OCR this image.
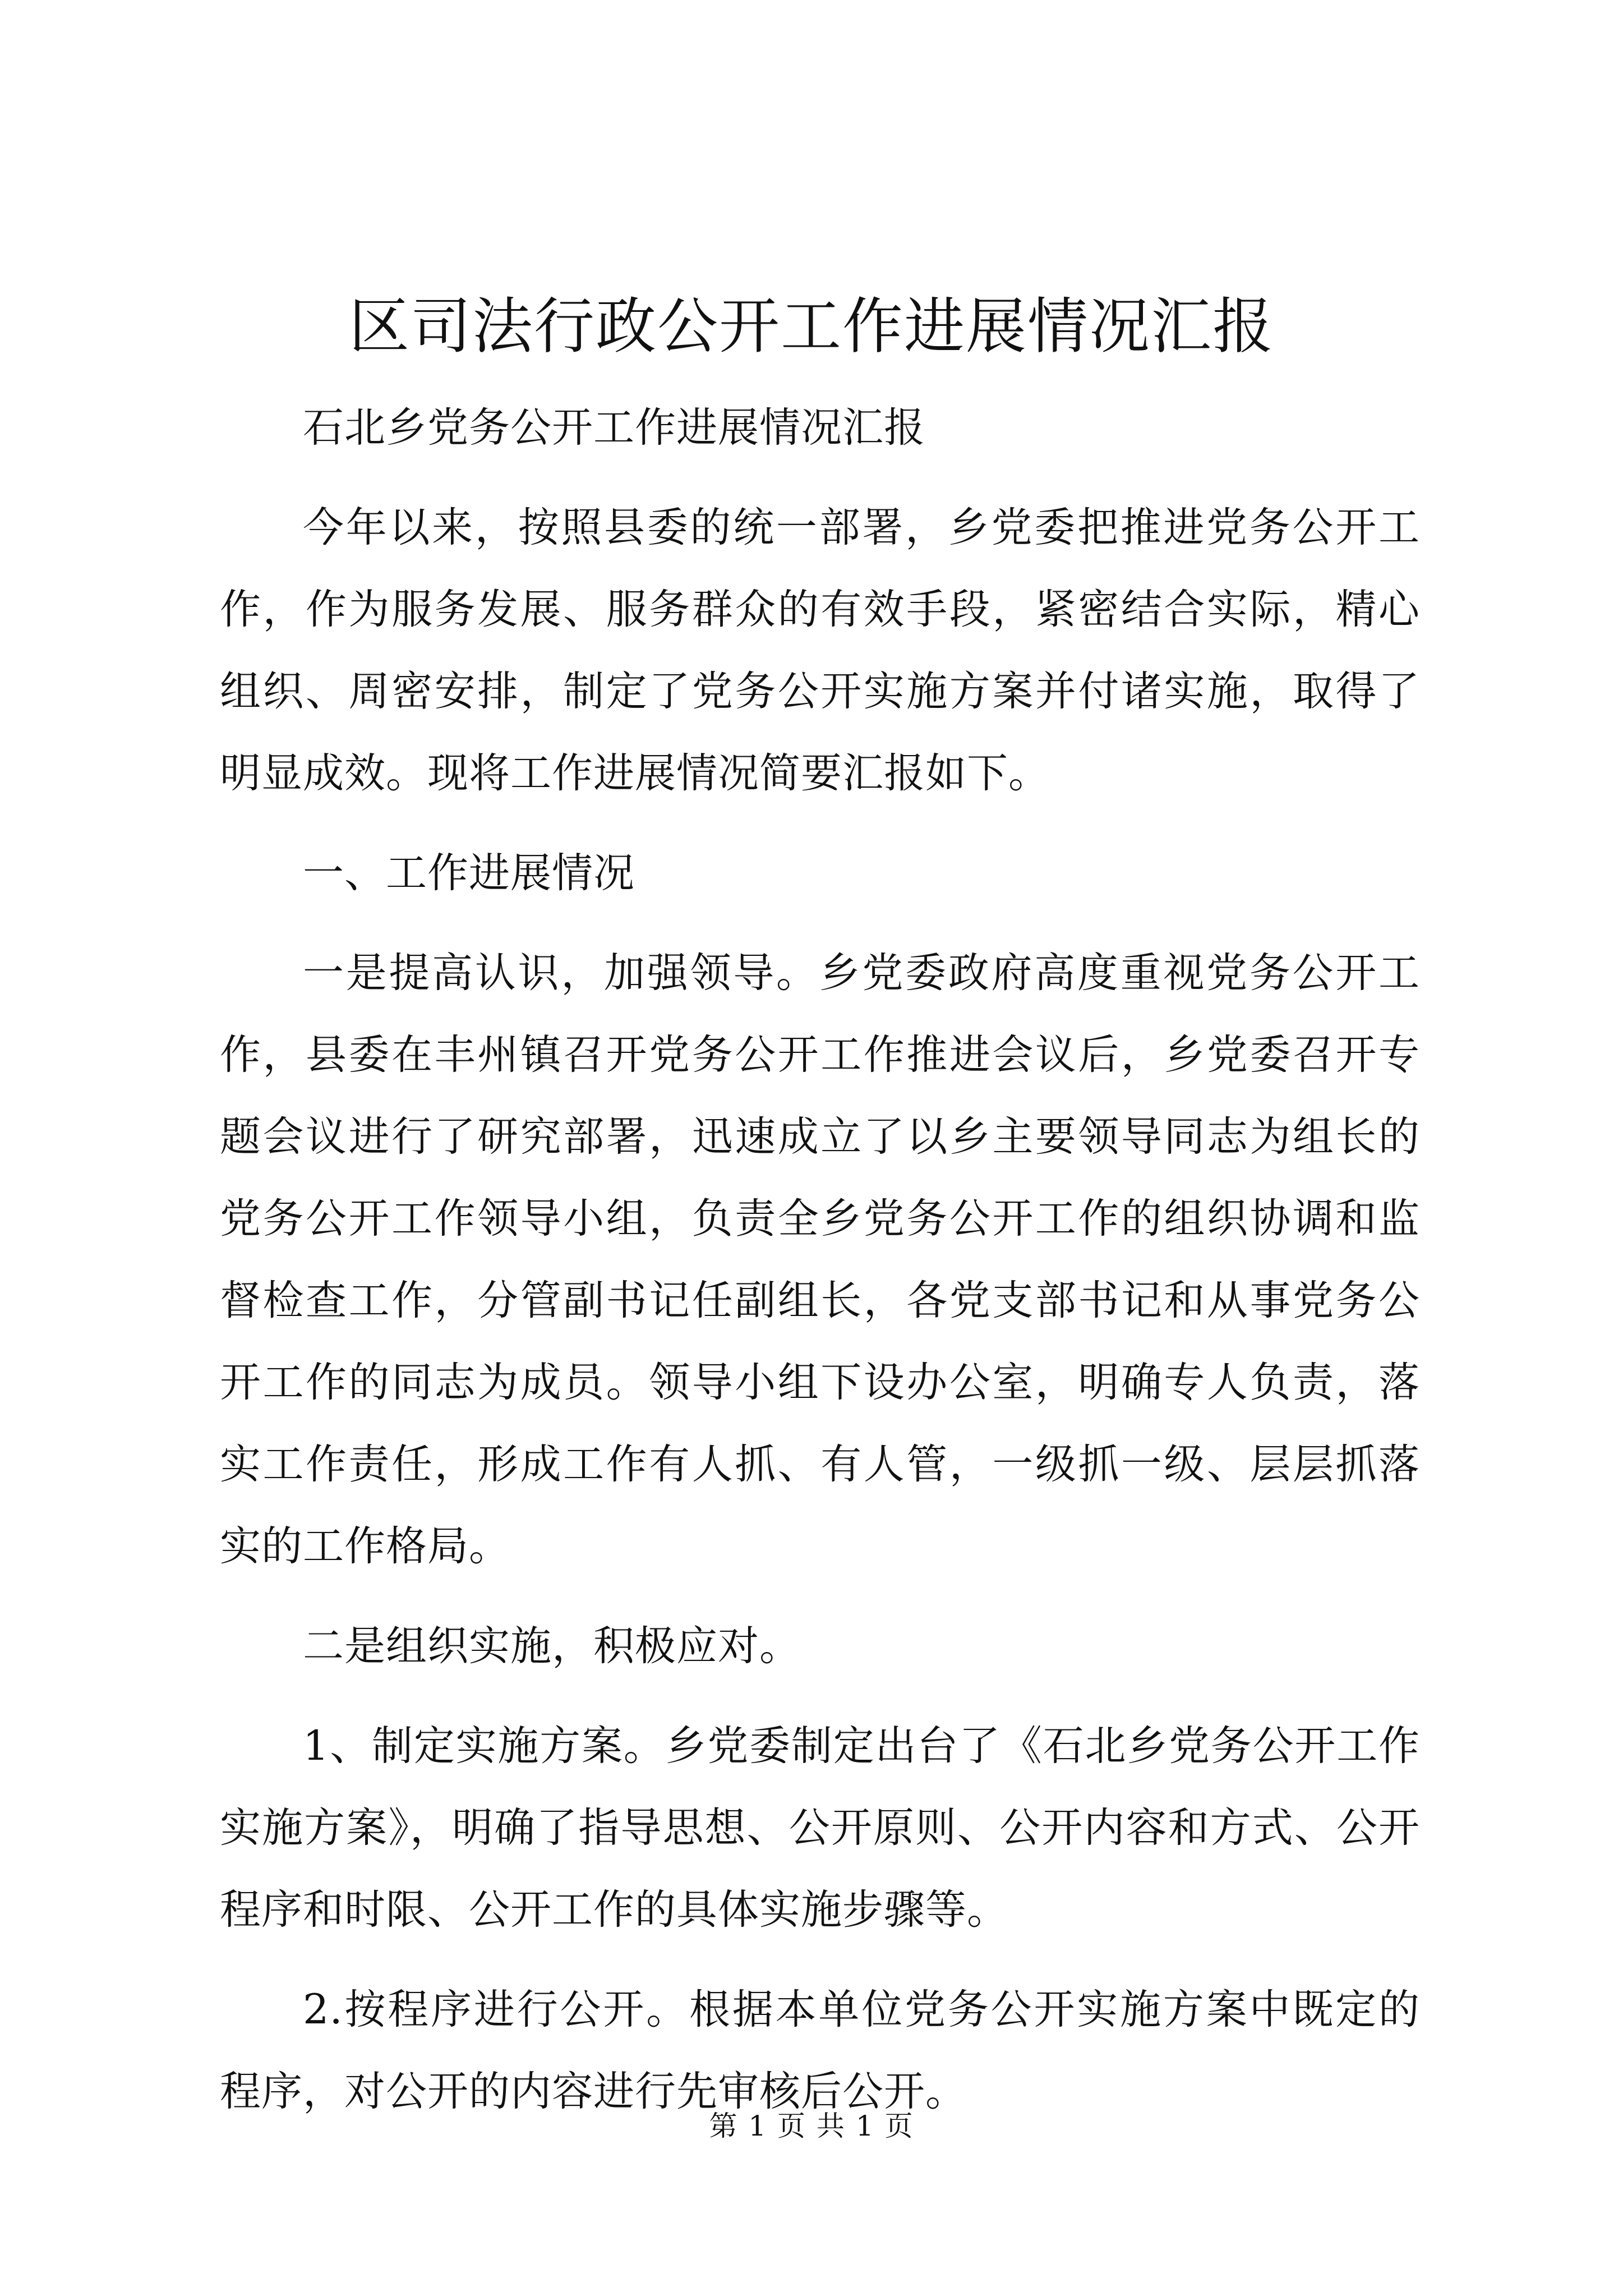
区司法行政公开工作进展情况汇报

石北乡党务公开工作进展情况汇报

今年以来，按照县委的统一部署，乡党委把推进党务公开工作，作为服务发展、服务群众的有效手段，紧密结合实际，精心组织、周密安排，制定了党务公开实施方案并付诸实施，取得了明显成效。现将工作进展情况简要汇报如下。

一、工作进展情况

一是提高认识，加强领导。乡党委政府高度重视党务公开工作，县委在丰州镇召开党务公开工作推进会议后，乡党委召开专题会议进行了研究部署，迅速成立了以乡主要领导同志为组长的党务公开工作领导小组，负责全乡党务公开工作的组织协调和监督检查工作，分管副书记任副组长，各党支部书记和从事党务公开工作的同志为成员。领导小组下设办公室，明确专人负责，落实工作责任，形成工作有人抓、有人管，一级抓一级、层层抓落实的工作格局。

二是组织实施，积极应对。

1、制定实施方案。乡党委制定出台了《石北乡党务公开工作实施方案》，明确了指导思想、公开原则、公开内容和方式、公开程序和时限、公开工作的具体实施步骤等。

2.按程序进行公开。根据本单位党务公开实施方案中既定的程序，对公开的内容进行先审核后公开。

第 1 页 共 1 页
